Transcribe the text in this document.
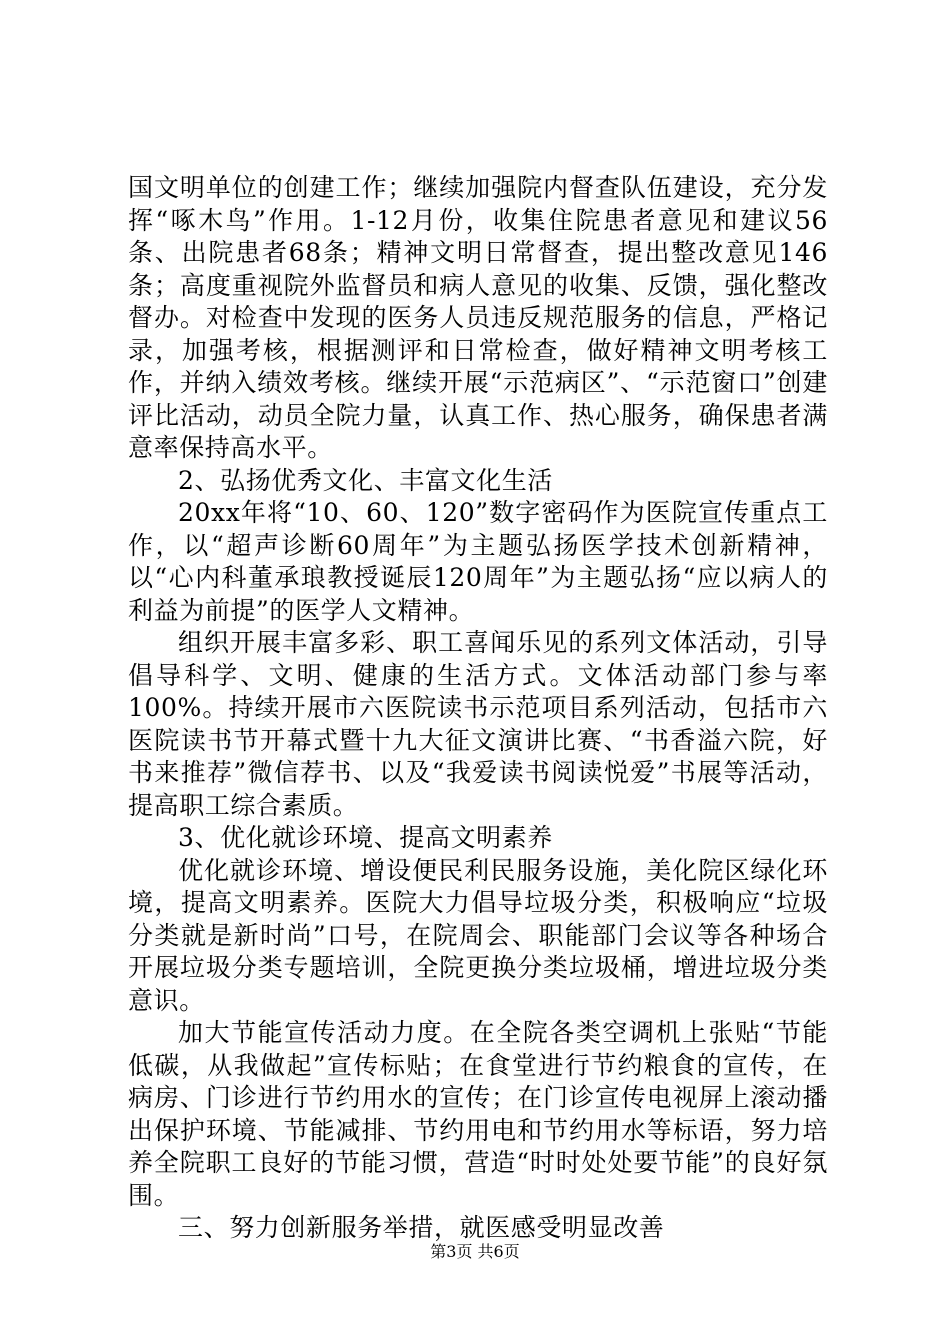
国文明单位的创建工作；继续加强院内督查队伍建设，充分发挥“啄木鸟”作用。1-12月份，收集住院患者意见和建议56条、出院患者68条；精神文明日常督查，提出整改意见146条；高度重视院外监督员和病人意见的收集、反馈，强化整改督办。对检查中发现的医务人员违反规范服务的信息，严格记录，加强考核，根据测评和日常检查，做好精神文明考核工作，并纳入绩效考核。继续开展“示范病区”、“示范窗口”创建评比活动，动员全院力量，认真工作、热心服务，确保患者满意率保持高水平。

2、弘扬优秀文化、丰富文化生活

20xx年将“10、60、120”数字密码作为医院宣传重点工作，以“超声诊断60周年”为主题弘扬医学技术创新精神，以“心内科董承琅教授诞辰120周年”为主题弘扬“应以病人的利益为前提”的医学人文精神。

组织开展丰富多彩、职工喜闻乐见的系列文体活动，引导倡导科学、文明、健康的生活方式。文体活动部门参与率100%。持续开展市六医院读书示范项目系列活动，包括市六医院读书节开幕式暨十九大征文演讲比赛、“书香溢六院，好书来推荐”微信荐书、以及“我爱读书阅读悦爱”书展等活动，提高职工综合素质。

3、优化就诊环境、提高文明素养

优化就诊环境、增设便民利民服务设施，美化院区绿化环境，提高文明素养。医院大力倡导垃圾分类，积极响应“垃圾分类就是新时尚”口号，在院周会、职能部门会议等各种场合开展垃圾分类专题培训，全院更换分类垃圾桶，增进垃圾分类意识。

加大节能宣传活动力度。在全院各类空调机上张贴“节能低碳，从我做起”宣传标贴；在食堂进行节约粮食的宣传，在病房、门诊进行节约用水的宣传；在门诊宣传电视屏上滚动播出保护环境、节能减排、节约用电和节约用水等标语，努力培养全院职工良好的节能习惯，营造“时时处处要节能”的良好氛围。

三、努力创新服务举措，就医感受明显改善

第3页 共6页
